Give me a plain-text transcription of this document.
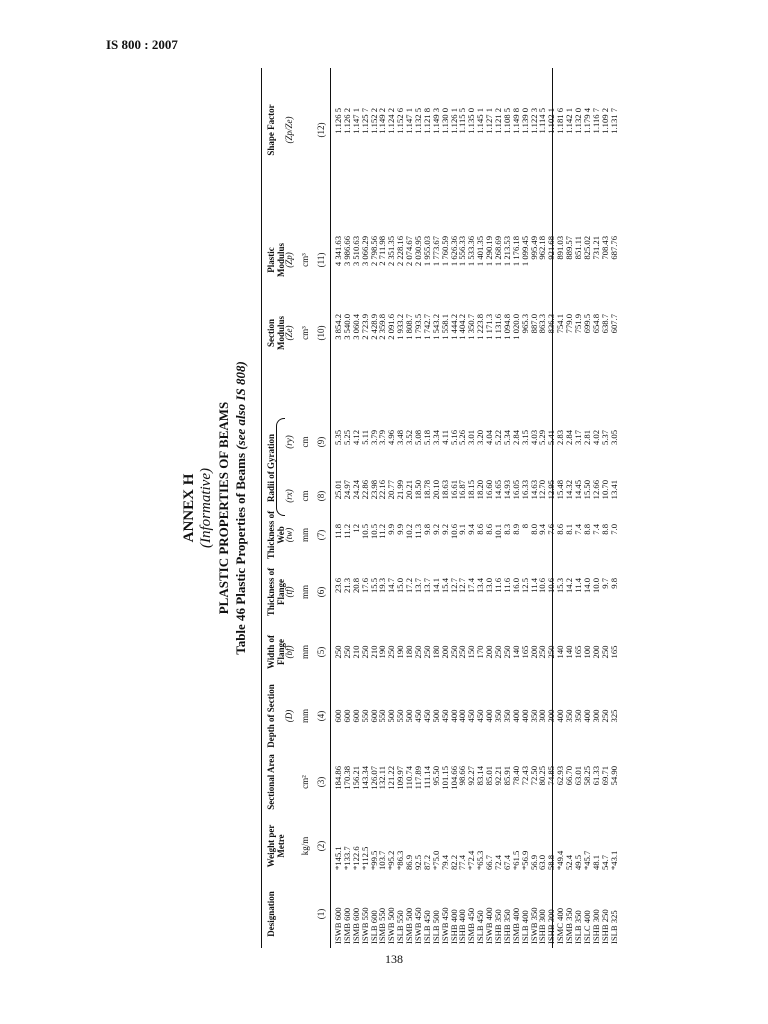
IS 800 : 2007
ANNEX H (Informative) PLASTIC PROPERTIES OF BEAMS Table 46 Plastic Properties of Beams (see also IS 808)
Designation
Weight per Metre
Sectional Area
Depth of Section
Width of Flange
Thickness of Flange
Thickness of Web
Radii of Gyration
Section Modulus
Plastic Modulus
Shape Factor
(D)
(bf)
(tf)
(tw)
(rx)
(ry)
(Ze)
(Zp)
(Zp/Ze)
kg/m
cm²
mm
mm
mm
mm
cm
cm
cm³
cm³
(1)
(2)
(3)
(4)
(5)
(6)
(7)
(8)
(9)
(10)
(11)
(12)
ISWB 600
ISMB 600
ISMB 600
ISWB 550
ISLB 600
ISMB 550
ISWB 500
ISLB 550
ISMB 500
ISWB 450
ISLB 450
ISLB 500
ISWB 450
ISHB 400
ISHB 400
ISMB 450
ISLB 450
ISWB 400
ISHB 350
ISHB 350
ISMB 400
ISLB 400
ISWB 350
ISHB 300
ISHB 300
ISMC 400
ISMB 350
ISLB 350
ISLC 400
ISHB 300
ISHB 250
ISLB 325
*145.1
*133.7
*122.6
*112.5
*99.5
103.7
*95.2
*86.3
86.9
92.5
87.2
*75.0
79.4
82.2
77.4
*72.4
*65.3
66.7
72.4
67.4
*61.5
*56.9
56.9
63.0
58.8
*49.4
52.4
49.5
*45.7
48.1
54.7
*43.1
184.86
170.38
156.21
143.34
126.07
132.11
121.22
109.97
110.74
117.89
111.14
95.50
101.15
104.66
98.66
92.27
83.14
85.01
92.21
85.91
78.40
72.43
72.50
80.25
74.85
62.93
66.70
63.01
58.25
61.33
69.71
54.90
600
600
600
550
600
550
500
550
500
450
450
500
450
400
400
450
450
400
350
350
400
400
350
300
300
400
350
350
400
300
250
325
250
250
210
250
210
190
250
190
180
250
250
180
200
250
250
150
170
200
250
250
140
165
200
250
250
140
140
165
100
200
250
165
23.6
21.3
20.8
17.6
15.5
19.3
14.7
15.0
17.2
13.7
13.7
14.1
15.4
12.7
12.7
17.4
13.4
13.0
11.6
11.6
16.0
12.5
11.4
10.6
10.6
15.3
14.2
11.4
14.0
10.0
9.7
9.8
11.8
11.2
12
10.5
10.5
11.2
9.9
9.9
10.2
11.3
9.8
9.2
9.2
10.6
9.1
9.4
8.6
8.6
10.1
8.3
8.9
8
8.0
9.4
7.6
8.6
8.1
7.4
8.8
7.4
8.8
7.0
25.01
24.97
24.24
22.86
23.98
22.16
20.77
21.99
20.21
18.50
18.78
20.10
18.63
16.61
16.87
18.15
18.20
16.60
14.65
14.93
16.05
16.33
14.63
12.70
12.95
15.48
14.32
14.45
15.50
12.66
10.70
13.41
5.35
5.25
4.12
5.11
3.79
3.79
4.96
3.48
3.52
5.08
5.18
3.34
4.11
5.16
5.26
3.01
3.20
4.04
5.22
5.34
2.84
3.15
4.03
5.29
5.41
2.83
2.84
3.17
2.81
4.02
5.37
3.05
3 854.2
3 540.0
3 060.4
2 723.9
2 428.9
2 359.8
2 091.6
1 933.2
1 808.7
1 793.5
1 742.7
1 543.2
1 558.1
1 444.2
1 404.2
1 350.7
1 223.8
1 171.3
1 131.6
1 094.8
1 020.0
965.3
887.0
863.3
836.3
754.1
779.0
751.9
699.5
654.8
638.7
607.7
4 341.63
3 986.66
3 510.63
3 066.29
2 798.56
2 711.98
2 351.35
2 228.16
2 074.67
2 030.95
1 955.03
1 773.67
1 760.59
1 626.36
1 556.33
1 533.36
1 401.35
1 290.19
1 268.69
1 213.53
1 176.18
1 099.45
995.49
962.18
921.68
891.03
889.57
851.11
825.02
731.21
708.43
687.76
1.126 5
1.126 2
1.147 1
1.125 7
1.152 2
1.149 2
1.124 2
1.152 6
1.147 1
1.132 5
1.121 8
1.149 3
1.130 0
1.126 1
1.115 5
1.135 0
1.145 1
1.127 1
1.121 2
1.108 5
1.149 8
1.139 0
1.122 3
1.114 5
1.102 1
1.181 6
1.142 1
1.132 0
1.179 4
1.116 7
1.109 2
1.131 7
138
